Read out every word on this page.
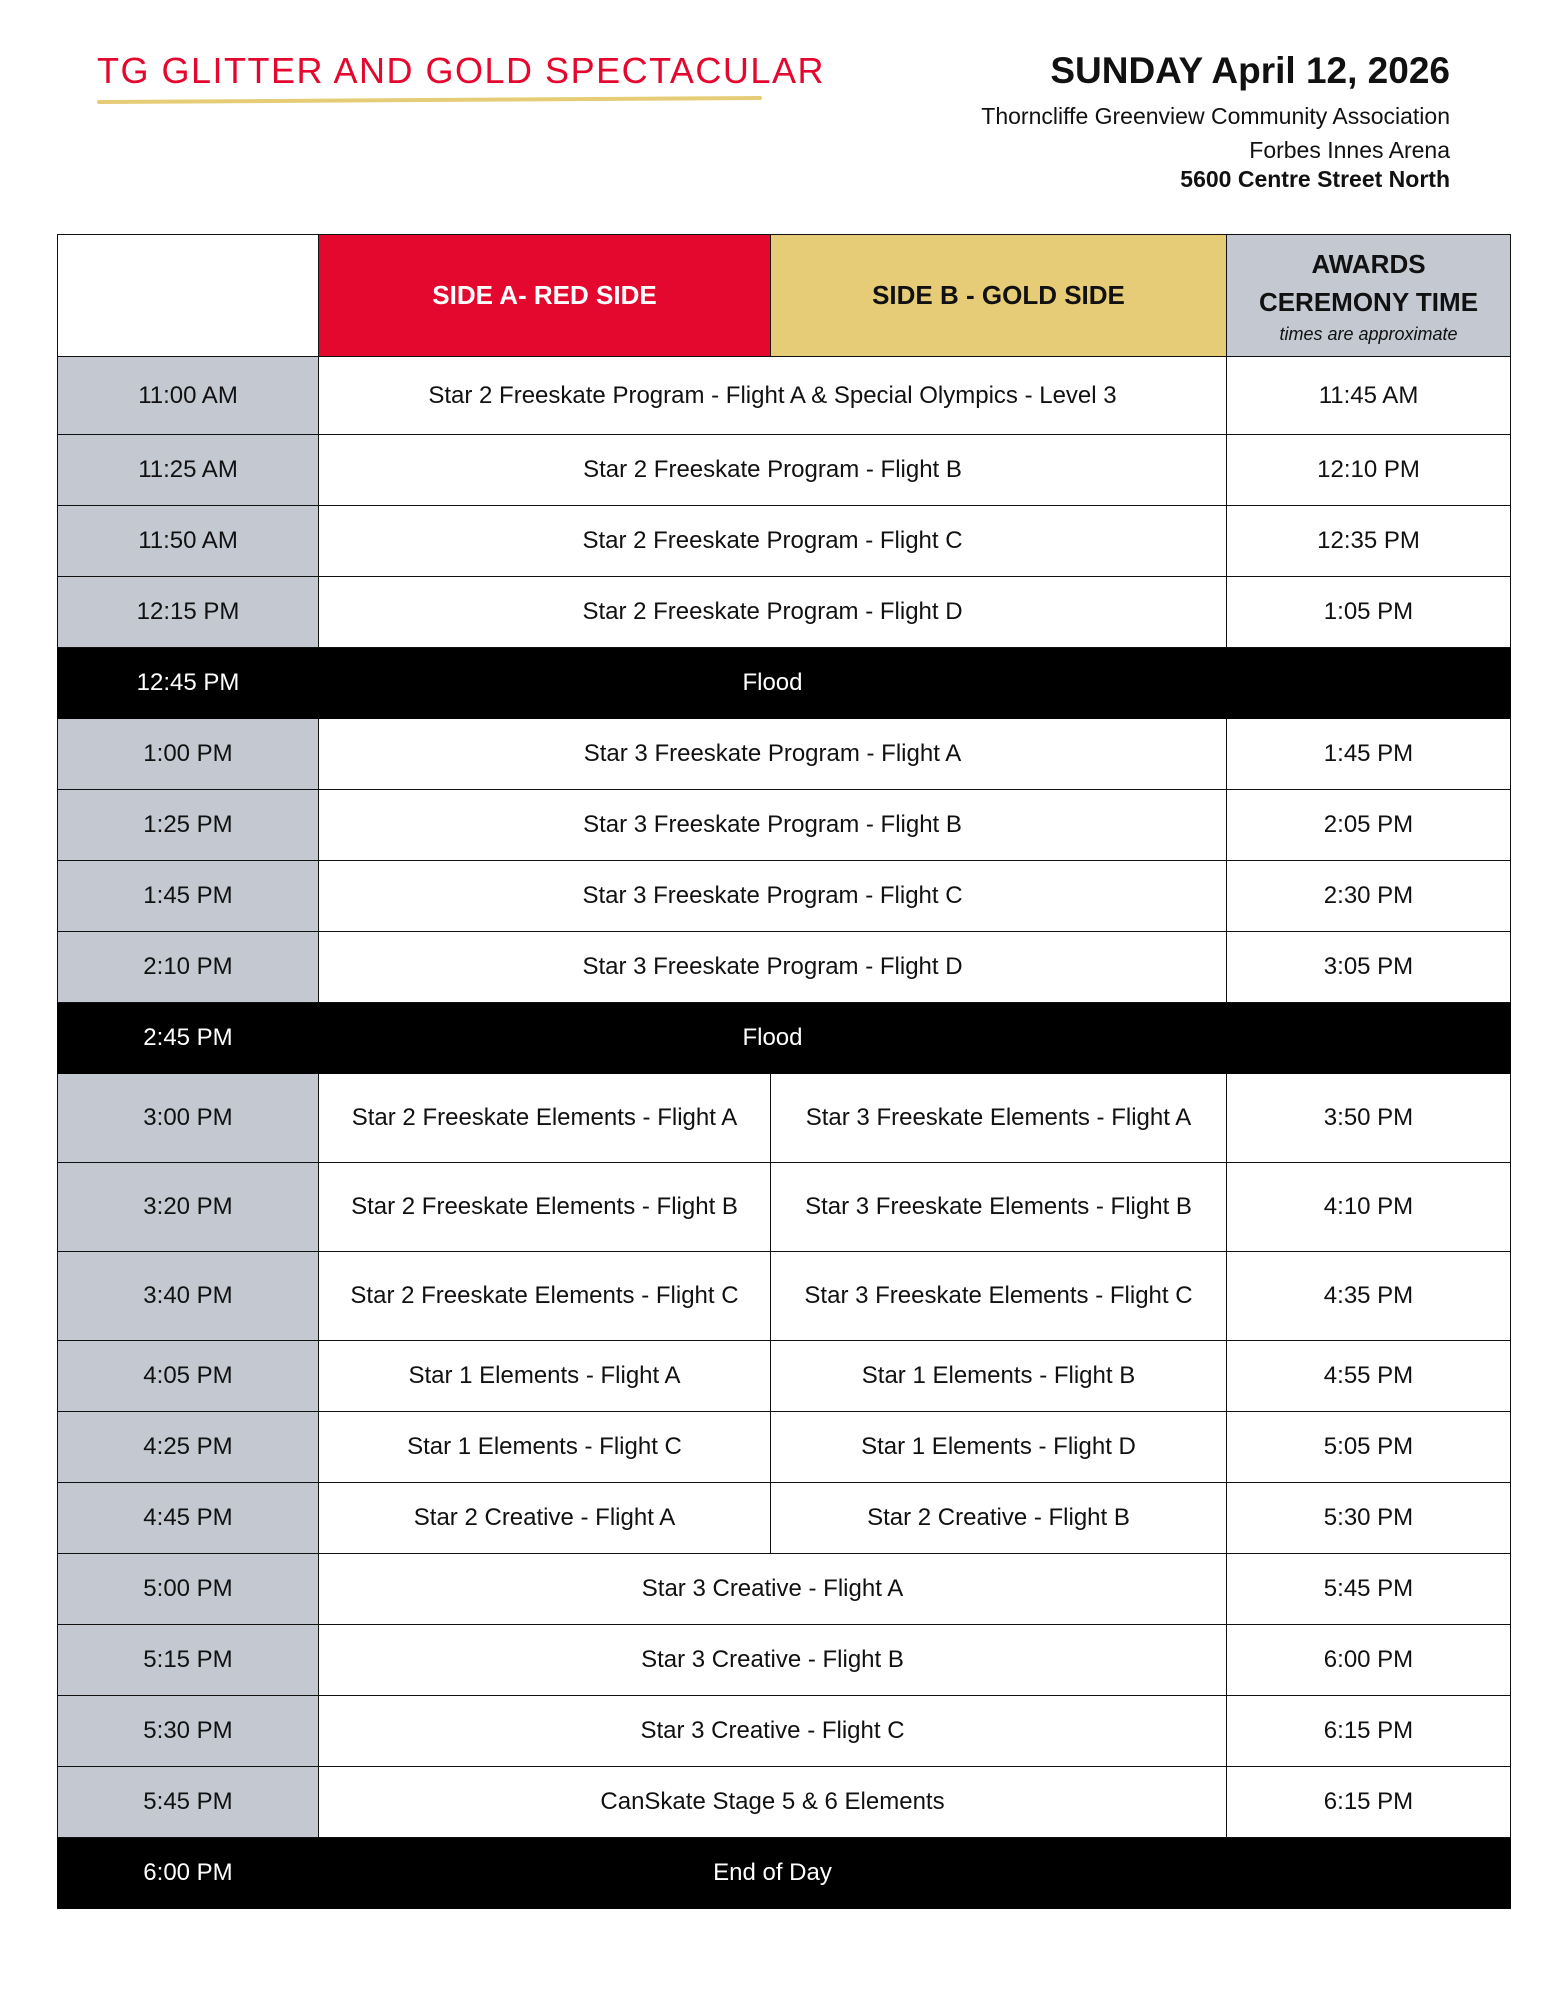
TG GLITTER AND GOLD SPECTACULAR	SUNDAY April 12, 2026
Thorncliffe Greenview Community Association
Forbes Innes Arena
5600 Centre Street North
	SIDE A- RED SIDE	SIDE B - GOLD SIDE	AWARDS
CEREMONY TIME
times are approximate

11:00 AM	Star 2 Freeskate Program - Flight A & Special Olympics - Level 3		11:45 AM
11:25 AM	Star 2 Freeskate Program - Flight B		12:10 PM
11:50 AM	Star 2 Freeskate Program - Flight C		12:35 PM
12:15 PM	Star 2 Freeskate Program - Flight D		1:05 PM
12:45 PM	Flood		
1:00 PM	Star 3 Freeskate Program - Flight A		1:45 PM
1:25 PM	Star 3 Freeskate Program - Flight B		2:05 PM
1:45 PM	Star 3 Freeskate Program - Flight C		2:30 PM
2:10 PM	Star 3 Freeskate Program - Flight D		3:05 PM
2:45 PM	Flood		
3:00 PM	Star 2 Freeskate Elements - Flight A	Star 3 Freeskate Elements - Flight A	3:50 PM
3:20 PM	Star 2 Freeskate Elements - Flight B	Star 3 Freeskate Elements - Flight B	4:10 PM
3:40 PM	Star 2 Freeskate Elements - Flight C	Star 3 Freeskate Elements - Flight C	4:35 PM
4:05 PM	Star 1 Elements - Flight A	Star 1 Elements - Flight B	4:55 PM
4:25 PM	Star 1 Elements - Flight C	Star 1 Elements - Flight D	5:05 PM
4:45 PM	Star 2 Creative - Flight A	Star 2 Creative - Flight B	5:30 PM
5:00 PM	Star 3 Creative - Flight A		5:45 PM
5:15 PM	Star 3 Creative - Flight B		6:00 PM
5:30 PM	Star 3 Creative - Flight C		6:15 PM
5:45 PM	CanSkate Stage 5 & 6 Elements		6:15 PM
6:00 PM	End of Day		
